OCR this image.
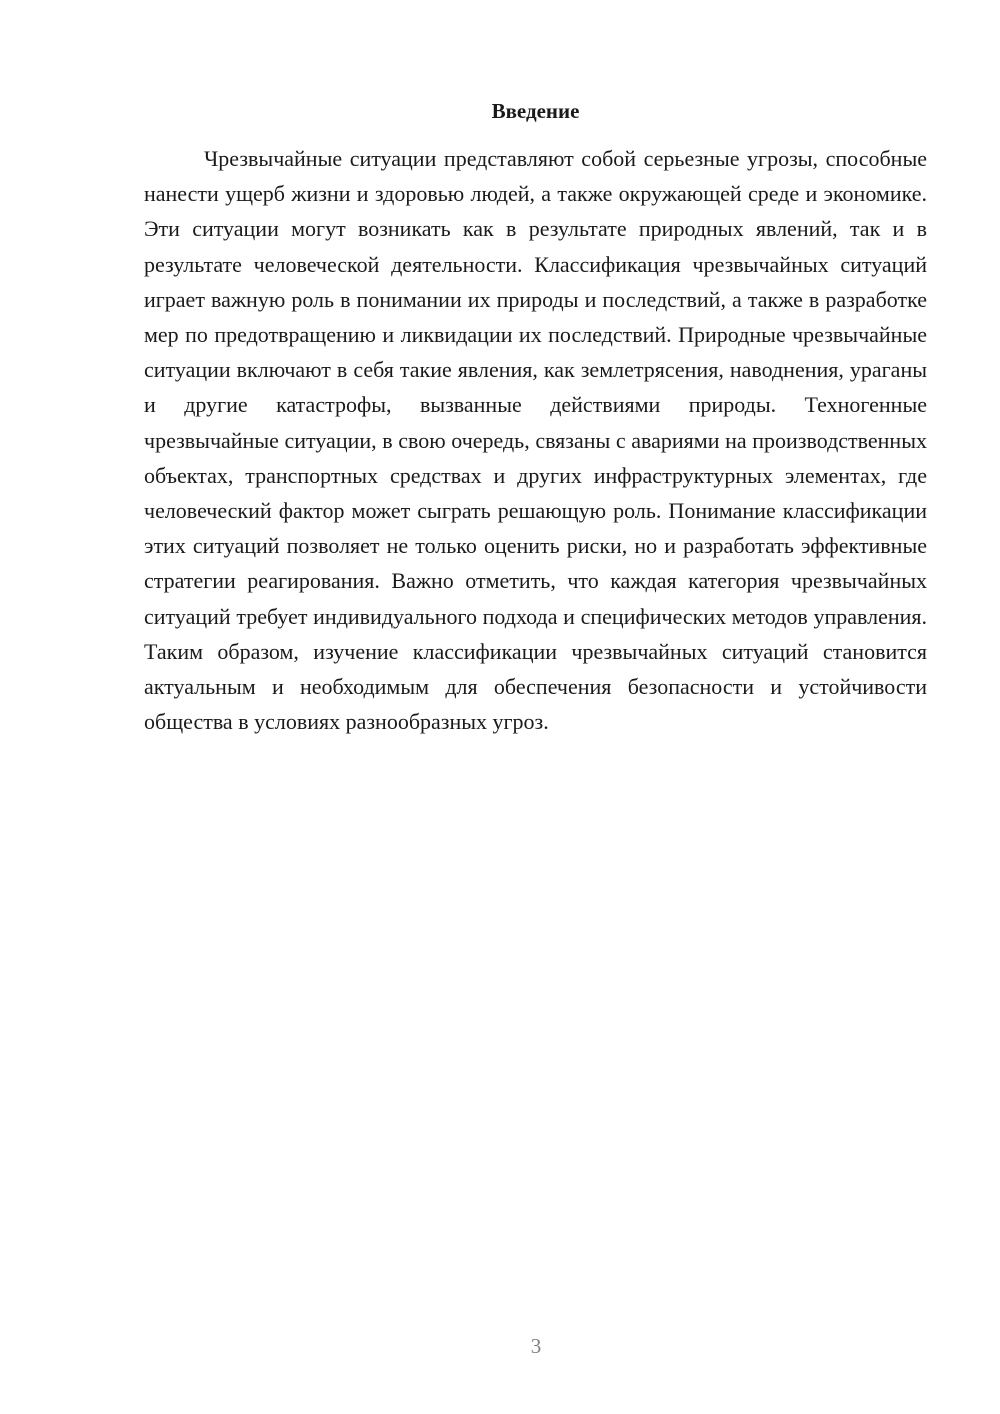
Введение

Чрезвычайные ситуации представляют собой серьезные угрозы, способные нанести ущерб жизни и здоровью людей, а также окружающей среде и экономике. Эти ситуации могут возникать как в результате природных явлений, так и в результате человеческой деятельности. Классификация чрезвычайных ситуаций играет важную роль в понимании их природы и последствий, а также в разработке мер по предотвращению и ликвидации их последствий. Природные чрезвычайные ситуации включают в себя такие явления, как землетрясения, наводнения, ураганы и другие катастрофы, вызванные действиями природы. Техногенные чрезвычайные ситуации, в свою очередь, связаны с авариями на производственных объектах, транспортных средствах и других инфраструктурных элементах, где человеческий фактор может сыграть решающую роль. Понимание классификации этих ситуаций позволяет не только оценить риски, но и разработать эффективные стратегии реагирования. Важно отметить, что каждая категория чрезвычайных ситуаций требует индивидуального подхода и специфических методов управления. Таким образом, изучение классификации чрезвычайных ситуаций становится актуальным и необходимым для обеспечения безопасности и устойчивости общества в условиях разнообразных угроз.

3
